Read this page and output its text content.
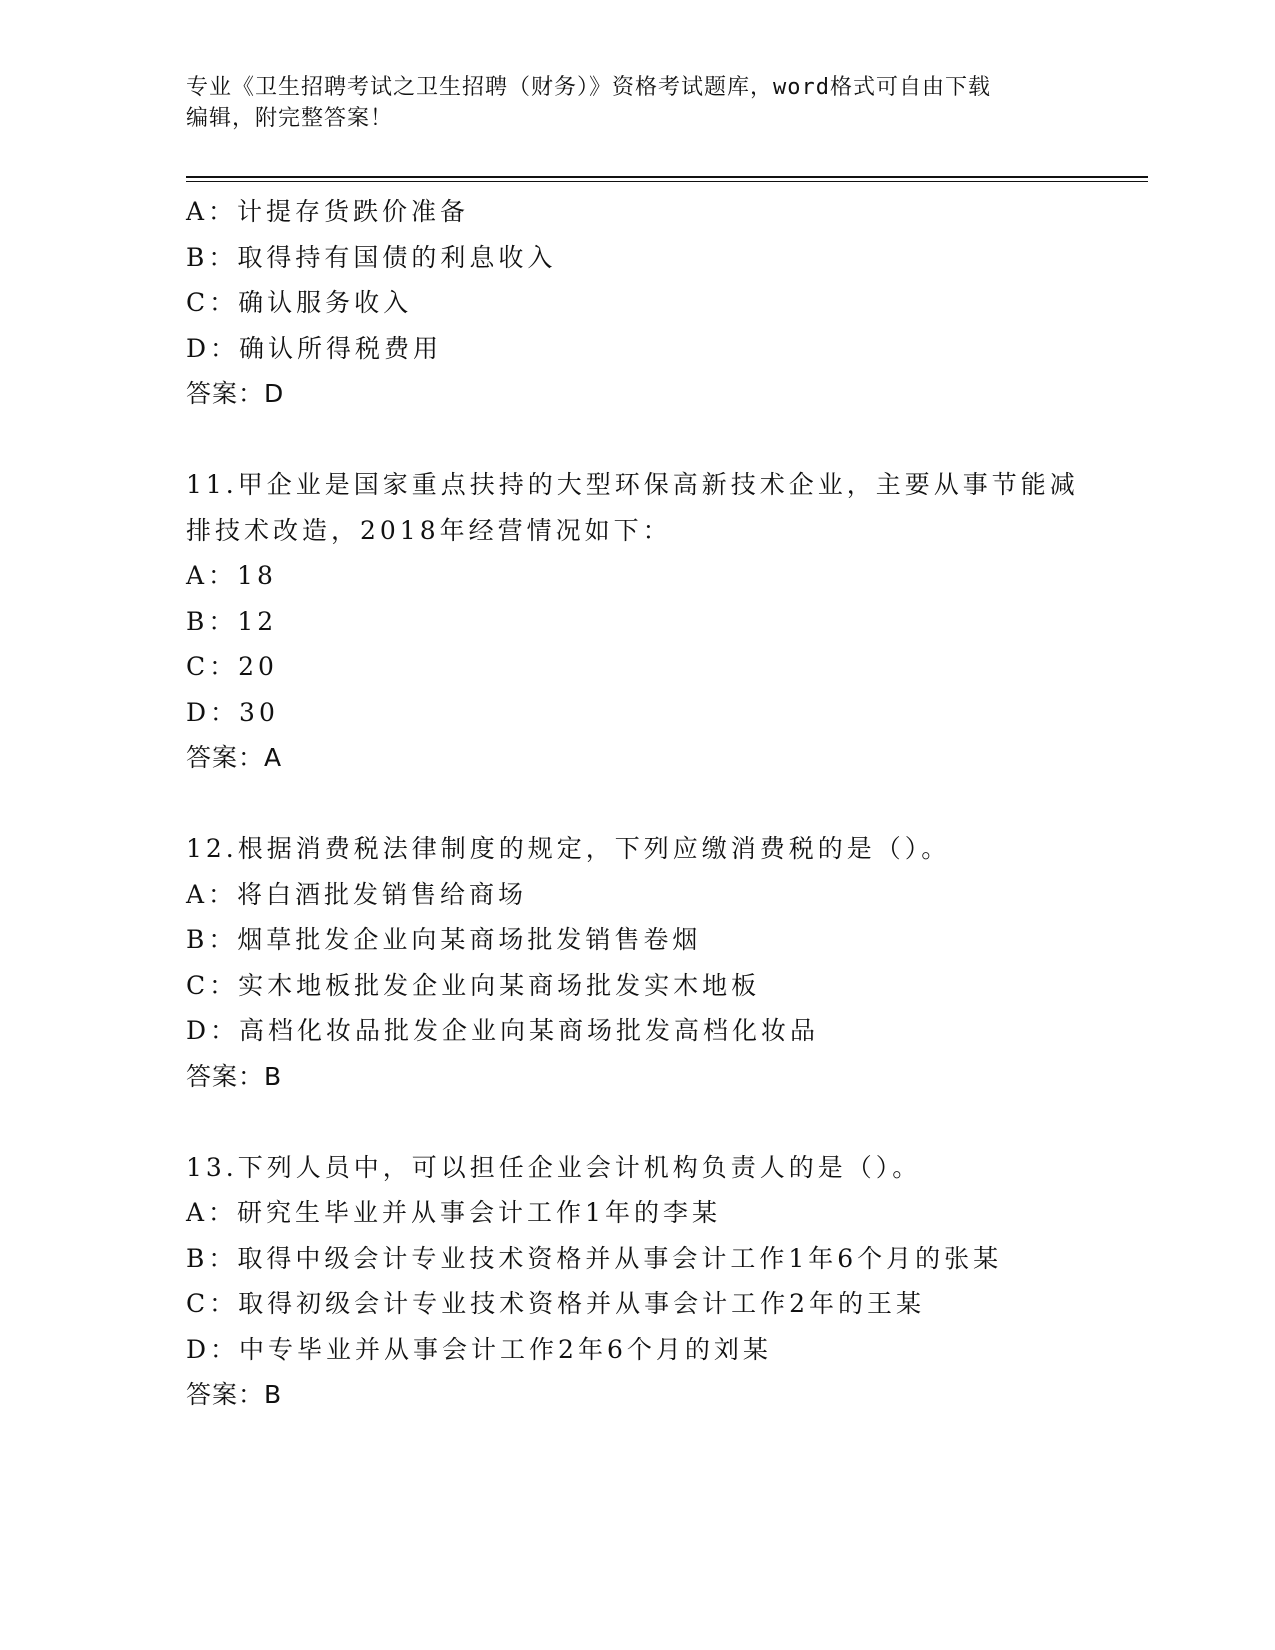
专业《卫生招聘考试之卫生招聘（财务）》资格考试题库，word格式可自由下载
编辑，附完整答案！
A：计提存货跌价准备
B：取得持有国债的利息收入
C：确认服务收入
D：确认所得税费用
答案：D
11.甲企业是国家重点扶持的大型环保高新技术企业，主要从事节能减
排技术改造，2018年经营情况如下：
A：18
B：12
C：20
D：30
答案：A
12.根据消费税法律制度的规定，下列应缴消费税的是（）。
A：将白酒批发销售给商场
B：烟草批发企业向某商场批发销售卷烟
C：实木地板批发企业向某商场批发实木地板
D：高档化妆品批发企业向某商场批发高档化妆品
答案：B
13.下列人员中，可以担任企业会计机构负责人的是（）。
A：研究生毕业并从事会计工作1年的李某
B：取得中级会计专业技术资格并从事会计工作1年6个月的张某
C：取得初级会计专业技术资格并从事会计工作2年的王某
D：中专毕业并从事会计工作2年6个月的刘某
答案：B
